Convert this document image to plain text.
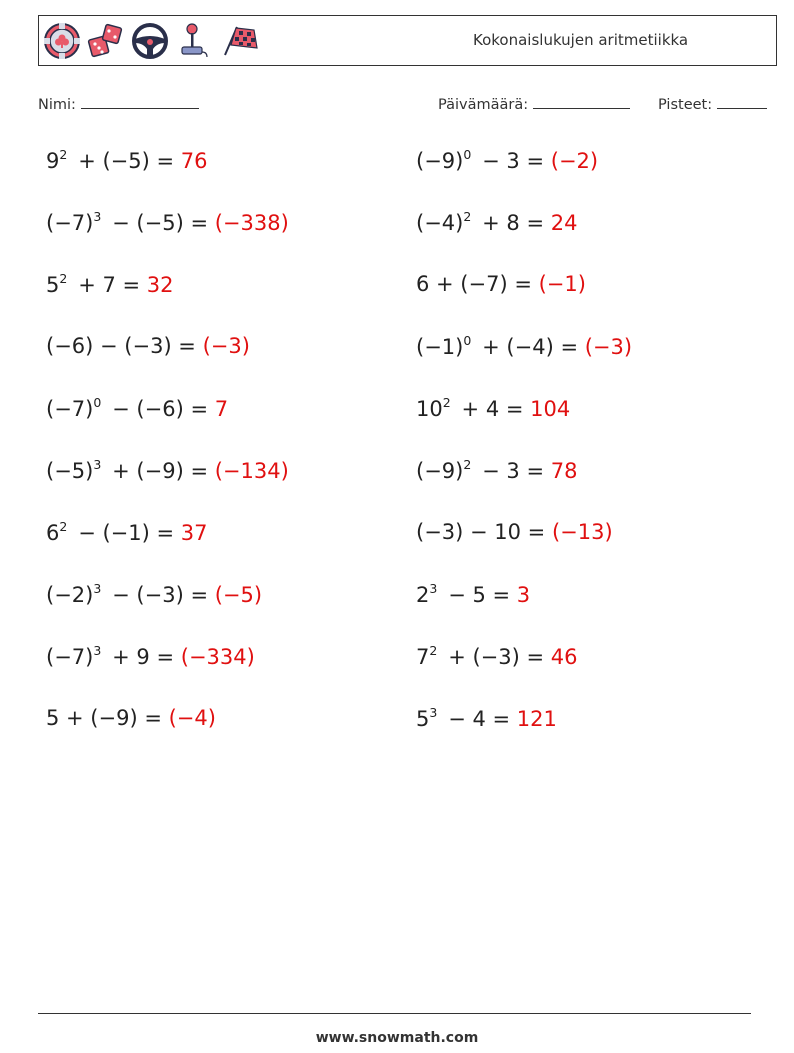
Kokonaislukujen aritmetiikka
Nimi:	Päivämäärä:	Pisteet:
$9^2 + (-5) = 76$	$(-9)^0 - 3 = (-2)$
$(-7)^3 - (-5) = (-338)$	$(-4)^2 + 8 = 24$
$5^2 + 7 = 32$	6 + (−7) = (−1)
(−6) − (−3) = (−3)	$(-1)^0 + (-4) = (-3)$
$(-7)^0 - (-6) = 7$	$10^2 + 4 = 104$
$(-5)^3 + (-9) = (-134)$	$(-9)^2 - 3 = 78$
$6^2 - (-1) = 37$	(−3) − 10 = (−13)
$(-2)^3 - (-3) = (-5)$	$2^3 - 5 = 3$
$(-7)^3 + 9 = (-334)$	$7^2 + (-3) = 46$
5 + (−9) = (−4)	$5^3 - 4 = 121$
www.snowmath.com
